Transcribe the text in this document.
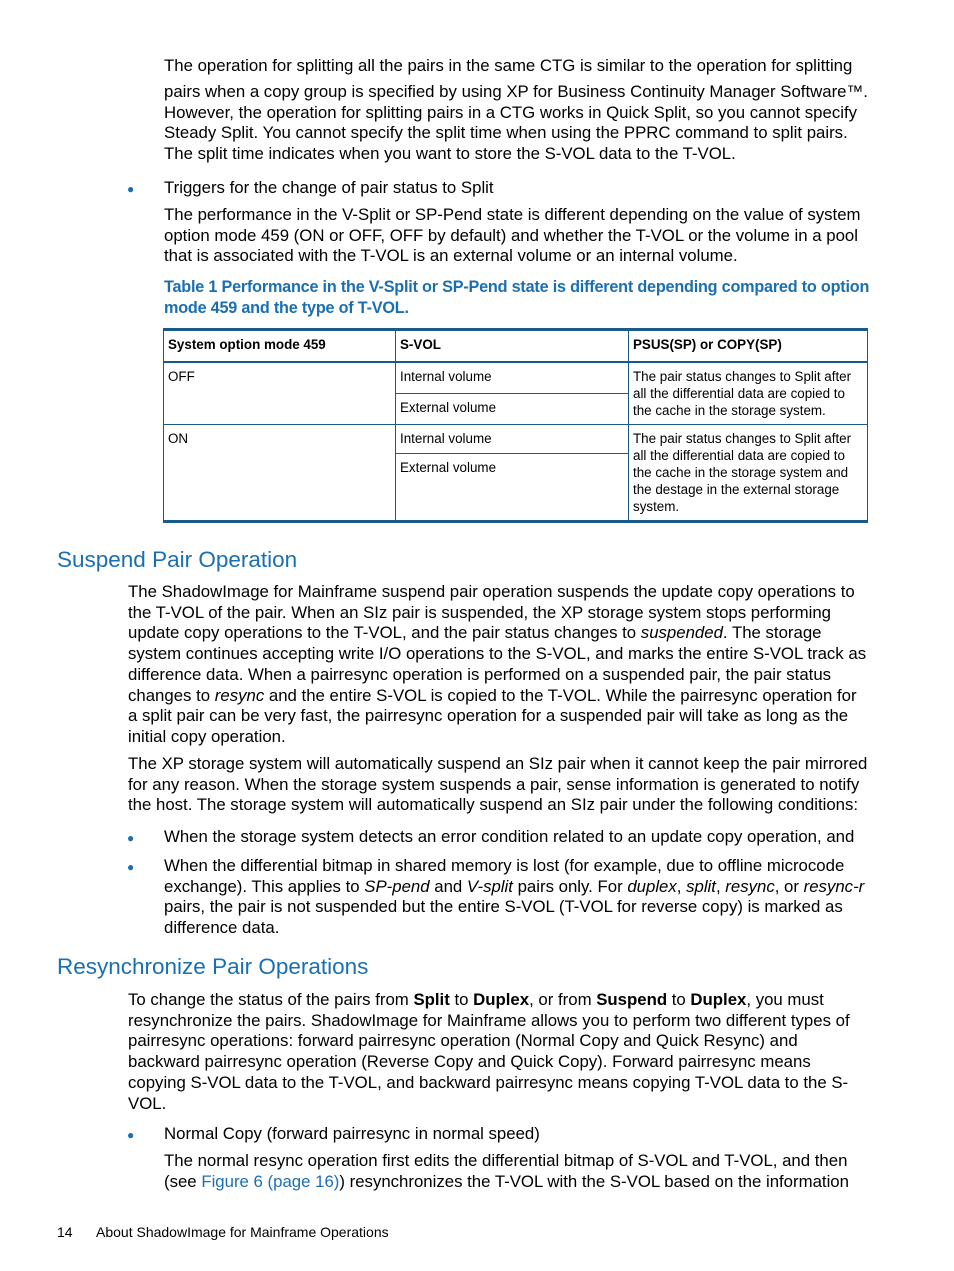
The operation for splitting all the pairs in the same CTG is similar to the operation for splitting

pairs when a copy group is specified by using XP for Business Continuity Manager Software™. However, the operation for splitting pairs in a CTG works in Quick Split, so you cannot specify Steady Split. You cannot specify the split time when using the PPRC command to split pairs. The split time indicates when you want to store the S-VOL data to the T-VOL.

● Triggers for the change of pair status to Split

The performance in the V-Split or SP-Pend state is different depending on the value of system option mode 459 (ON or OFF, OFF by default) and whether the T-VOL or the volume in a pool that is associated with the T-VOL is an external volume or an internal volume.

Table 1 Performance in the V-Split or SP-Pend state is different depending compared to option mode 459 and the type of T-VOL.

System option mode 459	S-VOL	PSUS(SP) or COPY(SP)
OFF	Internal volume	The pair status changes to Split after all the differential data are copied to the cache in the storage system.
	External volume	
ON	Internal volume	The pair status changes to Split after all the differential data are copied to the cache in the storage system and the destage in the external storage system.
	External volume	
Suspend Pair Operation

The ShadowImage for Mainframe suspend pair operation suspends the update copy operations to the T-VOL of the pair. When an SIz pair is suspended, the XP storage system stops performing update copy operations to the T-VOL, and the pair status changes to suspended. The storage system continues accepting write I/O operations to the S-VOL, and marks the entire S-VOL track as difference data. When a pairresync operation is performed on a suspended pair, the pair status changes to resync and the entire S-VOL is copied to the T-VOL. While the pairresync operation for a split pair can be very fast, the pairresync operation for a suspended pair will take as long as the initial copy operation.

The XP storage system will automatically suspend an SIz pair when it cannot keep the pair mirrored for any reason. When the storage system suspends a pair, sense information is generated to notify the host. The storage system will automatically suspend an SIz pair under the following conditions:

● When the storage system detects an error condition related to an update copy operation, and

● When the differential bitmap in shared memory is lost (for example, due to offline microcode exchange). This applies to SP-pend and V-split pairs only. For duplex, split, resync, or resync-r pairs, the pair is not suspended but the entire S-VOL (T-VOL for reverse copy) is marked as difference data.

Resynchronize Pair Operations

To change the status of the pairs from Split to Duplex, or from Suspend to Duplex, you must resynchronize the pairs. ShadowImage for Mainframe allows you to perform two different types of pairresync operations: forward pairresync operation (Normal Copy and Quick Resync) and backward pairresync operation (Reverse Copy and Quick Copy). Forward pairresync means copying S-VOL data to the T-VOL, and backward pairresync means copying T-VOL data to the S-VOL.

● Normal Copy (forward pairresync in normal speed)

The normal resync operation first edits the differential bitmap of S-VOL and T-VOL, and then (see Figure 6 (page 16)) resynchronizes the T-VOL with the S-VOL based on the information

14 About ShadowImage for Mainframe Operations
